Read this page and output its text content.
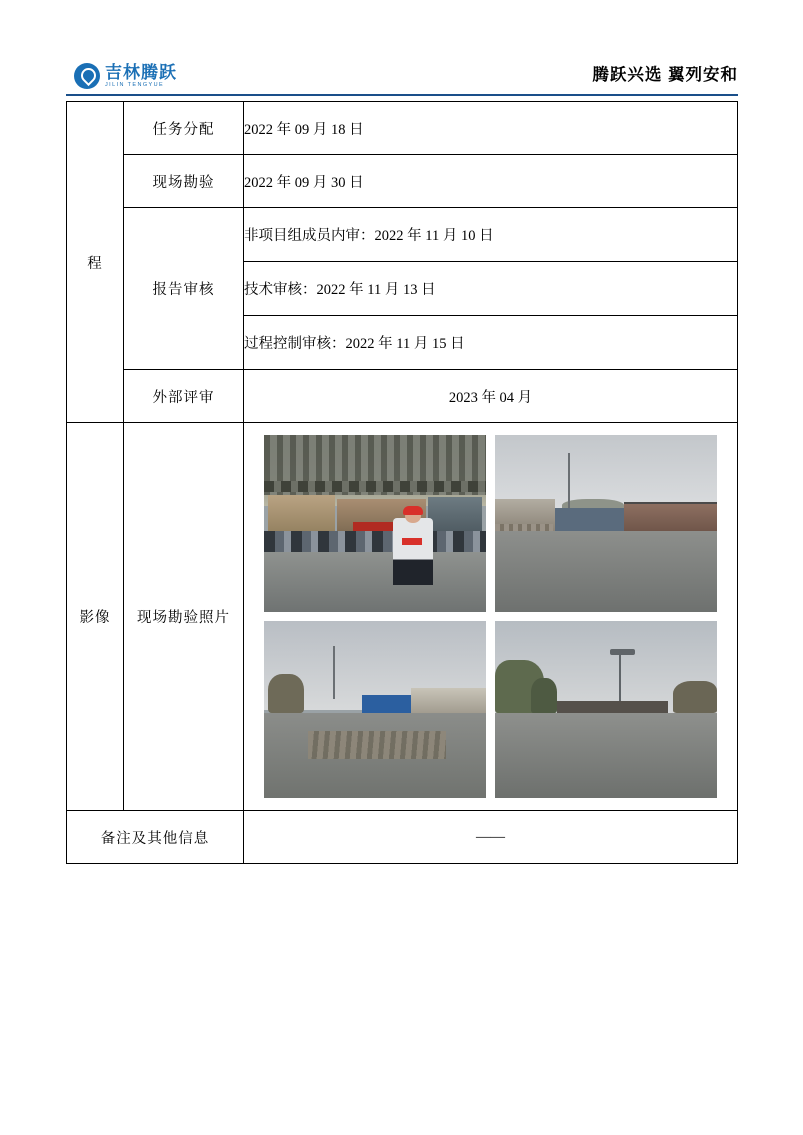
吉林腾跃
JILIN TENGYUE
腾跃兴选 翼列安和
程	任务分配	2022 年 09 月 18 日
	现场勘验	2022 年 09 月 30 日
	报告审核	非项目组成员内审：2022 年 11 月 10 日
		技术审核：2022 年 11 月 13 日
		过程控制审核：2022 年 11 月 15 日
	外部评审	2023 年 04 月
影像	现场勘验照片	

备注及其他信息		——
